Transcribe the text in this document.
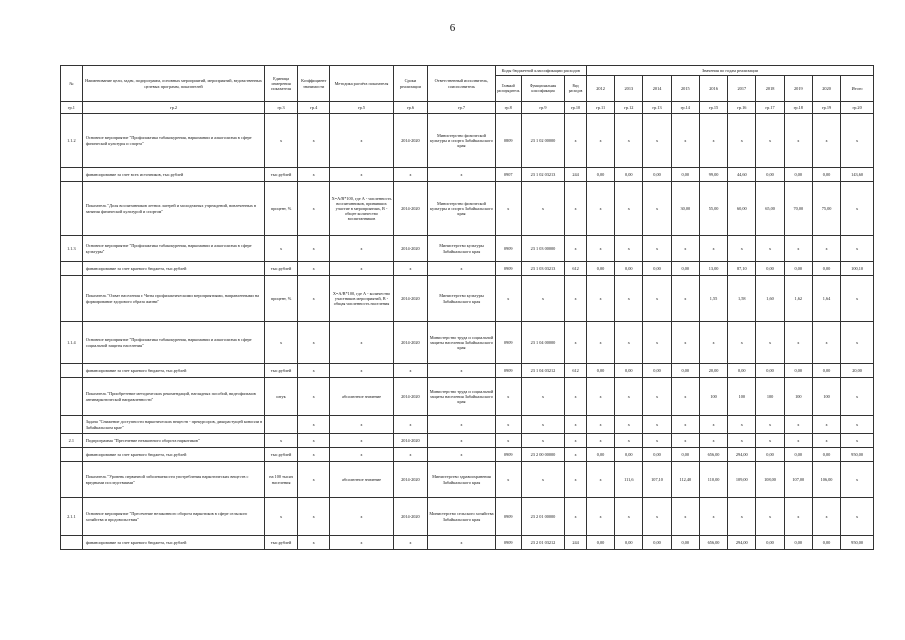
6
№	Наименование цели, задач, подпрограмм, основных мероприятий, мероприятий, ведомственных целевых программ, показателей	Единица измерения показателя	Коэффициент значимости	Методика расчёта показателя	Сроки реализации	Ответственный исполнитель, соисполнитель	Коды бюджетной классификации расходов			Значения по годам реализации									
							Главный распорядитель	Функциональная классификация	Вид расходов	2012	2013	2014	2015	2016	2017	2018	2019	2020	Итого
гр.1	гр.2	гр.3	гр.4	гр.5	гр.6	гр.7	гр.8	гр.9	гр.10	гр.11	гр.12	гр.13	гр.14	гр.15	гр.16	гр.17	гр.18	гр.19	гр.20
1.1.2	Основное мероприятие "Профилактика табакокурения, наркомании и алкоголизма в сфере физической культуры и спорта"	х	х	х	2014-2020	Министерство физической культуры и спорта Забайкальского края	0809	23 1 02 00000	х	х	х	х	х	х	х	х	х	х	х
	финансирование за счет всех источников, тыс.рублей	тыс.рублей	х	х	х	х	0907	23 1 02 03213	244	0,00	0,00	0,00	0,00	99,00	44,60	0,00	0,00	0,00	143,60
	Показатель "Доля воспитанников летних лагерей и молодежных учреждений, вовлеченных в занятия физической культурой и спортом"	процент, %	х	Х=А/В*100, где А - численность воспитанников, принявших участие в мероприятиях, В - общее количество воспитанников	2014-2020	Министерство физической культуры и спорта Забайкальского края	х	х	х	х	х	х	30,00	55,00	60,00	65,00	70,00	75,00	х
1.1.3	Основное мероприятие "Профилактика табакокурения, наркомании и алкоголизма в сфере культуры"	х	х	х	2014-2020	Министерство культуры Забайкальского края	0909	23 1 03 00000	х	х	х	х	х	х	х	х	х	х	х
	финансирование за счет краевого бюджета, тыс.рублей	тыс.рублей	х	х	х	х	0909	23 1 03 03213	612	0,00	0,00	0,00	0,00	13,00	87,10	0,00	0,00	0,00	100,10
	Показатель "Охват населения г. Читы профилактическими мероприятиями, направленными на формирование здорового образа жизни"	процент, %	х	Х=А/В*100, где А - количество участников мероприятий, В - общая численность населения	2014-2020	Министерство культуры Забайкальского края	х	х	х	х	х	х	х	1,55	1,58	1,60	1,62	1,64	х
1.1.4	Основное мероприятие "Профилактика табакокурения, наркомании и алкоголизма в сфере социальной защиты населения"	х	х	х	2014-2020	Министерство труда и социальной защиты населения Забайкальского края	0909	23 1 04 00000	х	х	х	х	х	х	х	х	х	х	х
	финансирование за счет краевого бюджета, тыс.рублей	тыс.рублей	х	х	х	х	0909	23 1 04 03212	612	0,00	0,00	0,00	0,00	20,00	0,00	0,00	0,00	0,00	20,00
	Показатель "Приобретение методических рекомендаций, наглядных пособий, видеофильмов антинаркотической направленности"	штук	х	абсолютное значение	2014-2020	Министерство труда и социальной защиты населения Забайкальского края	х	х	х	х	х	х	х	100	100	100	100	100	х
	Задача "Снижение доступности наркотических веществ - прекурсоров, дикорастущей конопли в Забайкальском крае"		х	х	х	х	х	х	х	х	х	х	х	х	х	х	х	х	х
2.1	Подпрограмма "Пресечение незаконного оборота наркотиков"	х	х	х	2014-2020	х	х	х	х	х	х	х	х	х	х	х	х	х	х
	финансирование за счет краевого бюджета, тыс.рублей	тыс.рублей	х	х	х	х	0909	23 2 00 00000	х	0,00	0,00	0,00	0,00	656,00	294,00	0,00	0,00	0,00	950,00
	Показатель "Уровень первичной заболеваемости употребления наркотических веществ с вредными последствиями"	на 100 тысяч населения	х	абсолютное значение	2014-2020	Министерство здравоохранения Забайкальского края	х	х	х	х	111,6	107,10	112,40	110,00	109,00	108,00	107,00	106,00	х
2.1.1	Основное мероприятие "Пресечение незаконного оборота наркотиков в сфере сельского хозяйства и продовольствия"	х	х	х	2014-2020	Министерство сельского хозяйства Забайкальского края	0909	23 2 01 00000	х	х	х	х	х	х	х	х	х	х	х
	финансирование за счет краевого бюджета, тыс.рублей	тыс.рублей	х	х	х	х	0909	23 2 01 03212	244	0,00	0,00	0,00	0,00	656,00	294,00	0,00	0,00	0,00	950,00
